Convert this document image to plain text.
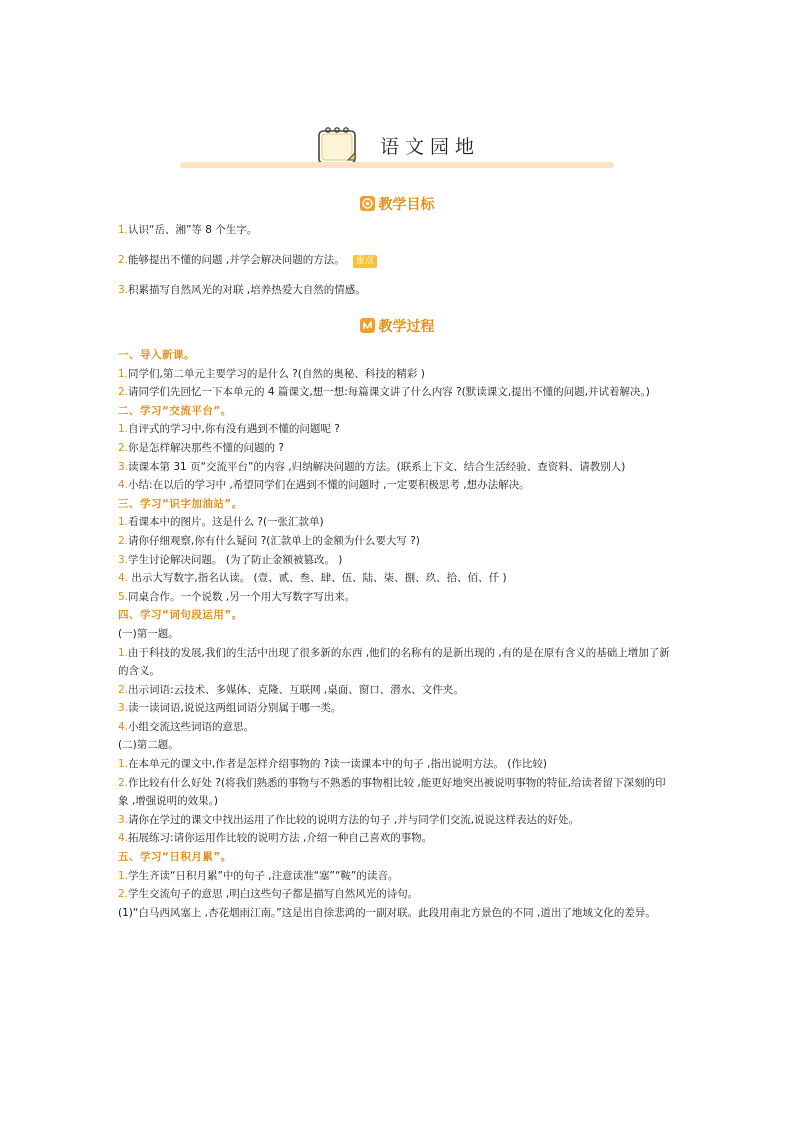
语文园地
教学目标
1.认识“岳、湘”等 8 个生字。
2.能够提出不懂的问题 ,并学会解决问题的方法。 重点
3.积累描写自然风光的对联 ,培养热爱大自然的情感。
教学过程
一、导入新课。
1.同学们,第二单元主要学习的是什么 ?(自然的奥秘、科技的精彩 )
2.请同学们先回忆一下本单元的 4 篇课文,想一想:每篇课文讲了什么内容 ?(默读课文,提出不懂的问题,并试着解决。)
二、学习“交流平台”。
1.自评式的学习中,你有没有遇到不懂的问题呢 ?
2.你是怎样解决那些不懂的问题的 ?
3.读课本第 31 页“交流平台”的内容 ,归纳解决问题的方法。(联系上下文、结合生活经验、查资料、请教别人)
4.小结:在以后的学习中 ,希望同学们在遇到不懂的问题时 ,一定要积极思考 ,想办法解决。
三、学习“识字加油站”。
1.看课本中的图片。这是什么 ?(一张汇款单)
2.请你仔细观察,你有什么疑问 ?(汇款单上的金额为什么要大写 ?)
3.学生讨论解决问题。 (为了防止金额被篡改。 )
4. 出示大写数字,指名认读。 (壹、贰、叁、肆、伍、陆、柒、捌、玖、拾、佰、仟 )
5.同桌合作。一个说数 ,另一个用大写数字写出来。
四、学习“词句段运用”。
(一)第一题。
1.由于科技的发展,我们的生活中出现了很多新的东西 ,他们的名称有的是新出现的 ,有的是在原有含义的基础上增加了新的含义。
2.出示词语:云技术、多媒体、克隆、互联网 ,桌面、窗口、潜水、文件夹。
3.读一读词语,说说这两组词语分别属于哪一类。
4.小组交流这些词语的意思。
(二)第二题。
1.在本单元的课文中,作者是怎样介绍事物的 ?读一读课本中的句子 ,指出说明方法。 (作比较)
2.作比较有什么好处 ?(将我们熟悉的事物与不熟悉的事物相比较 ,能更好地突出被说明事物的特征,给读者留下深刻的印象 ,增强说明的效果。)
3.请你在学过的课文中找出运用了作比较的说明方法的句子 ,并与同学们交流,说说这样表达的好处。
4.拓展练习:请你运用作比较的说明方法 ,介绍一种自己喜欢的事物。
五、学习“日积月累”。
1.学生齐读“日积月累”中的句子 ,注意读准“塞”“鞍”的读音。
2.学生交流句子的意思 ,明白这些句子都是描写自然风光的诗句。
(1)“白马西风塞上 ,杏花烟雨江南。”这是出自徐悲鸿的一副对联。此段用南北方景色的不同 ,道出了地域文化的差异。
